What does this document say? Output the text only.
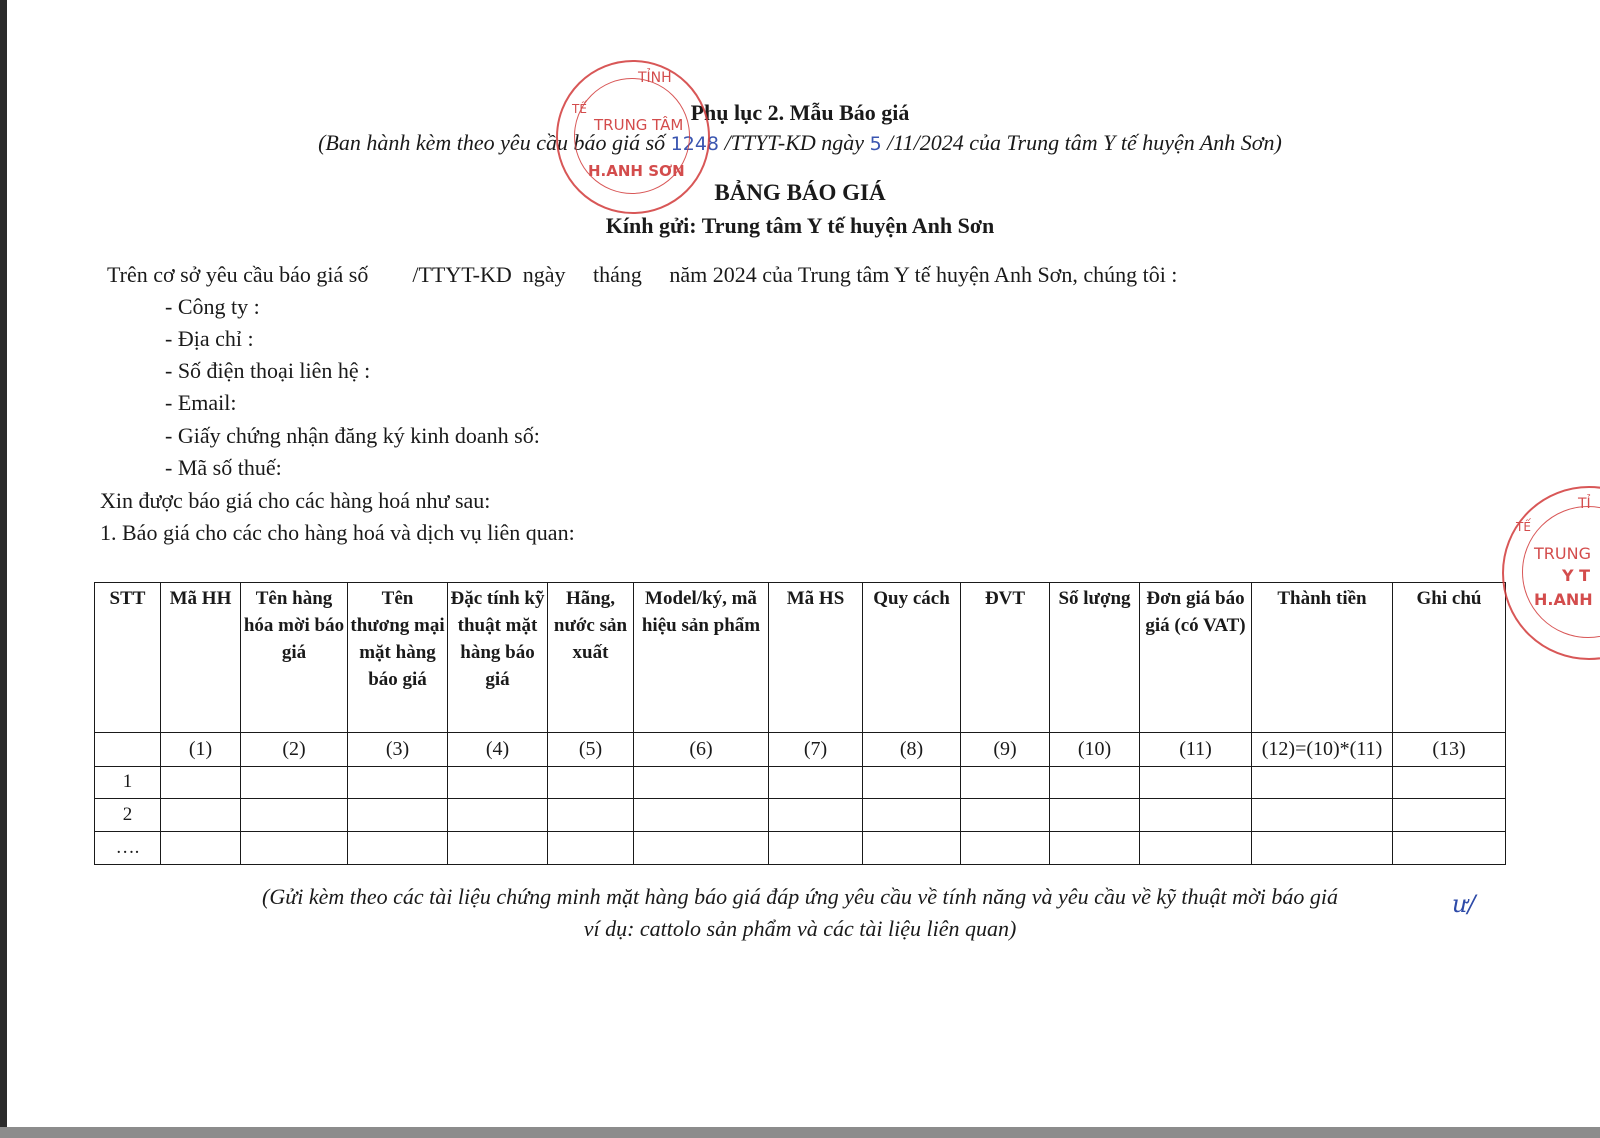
Phụ lục 2. Mẫu Báo giá
(Ban hành kèm theo yêu cầu báo giá số 1248 /TTYT-KD ngày 5 /11/2024 của Trung tâm Y tế huyện Anh Sơn)
BẢNG BÁO GIÁ
Kính gửi: Trung tâm Y tế huyện Anh Sơn
Trên cơ sở yêu cầu báo giá số        /TTYT-KD  ngày     tháng     năm 2024 của Trung tâm Y tế huyện Anh Sơn, chúng tôi :
- Công ty :
- Địa chỉ :
- Số điện thoại liên hệ :
- Email:
- Giấy chứng nhận đăng ký kinh doanh số:
- Mã số thuế:
Xin được báo giá cho các hàng hoá như sau:
1. Báo giá cho các cho hàng hoá và dịch vụ liên quan:
STT	Mã HH	Tên hàng hóa mời báo giá	Tên thương mại mặt hàng báo giá	Đặc tính kỹ thuật mặt hàng báo giá	Hãng, nước sản xuất	Model/ký, mã hiệu sản phẩm	Mã HS	Quy cách	ĐVT	Số lượng	Đơn giá báo giá (có VAT)	Thành tiền	Ghi chú
	(1)	(2)	(3)	(4)	(5)	(6)	(7)	(8)	(9)	(10)	(11)	(12)=(10)*(11)	(13)
1													
2													
….													
(Gửi kèm theo các tài liệu chứng minh mặt hàng báo giá đáp ứng yêu cầu về tính năng và yêu cầu về kỹ thuật mời báo giá
ví dụ: cattolo sản phẩm và các tài liệu liên quan)
ư∕
TỈNH
TẾ
TRUNG TÂM
H.ANH SƠN
TỈ
TẾ
TRUNG
Y T
H.ANH
